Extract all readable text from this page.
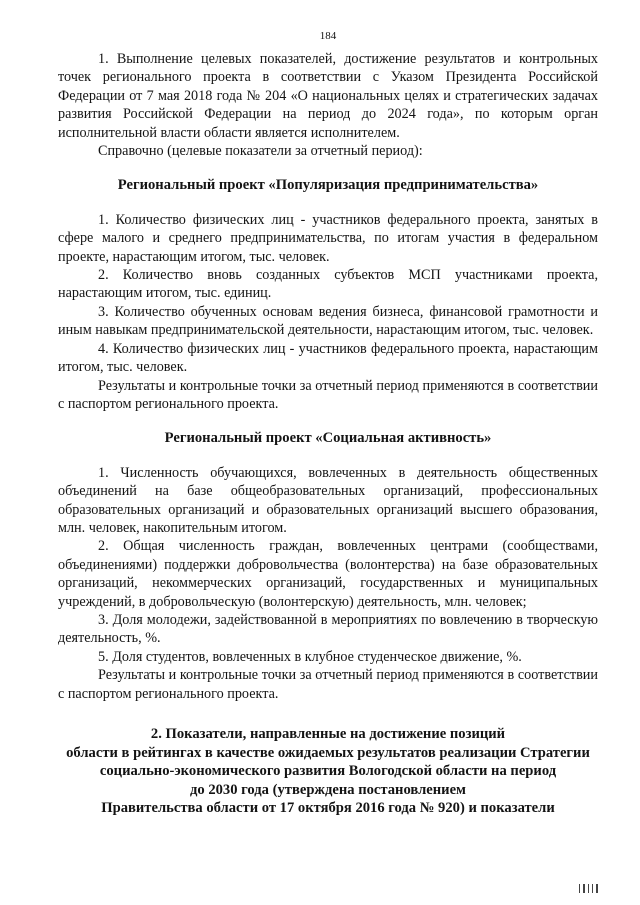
184

1. Выполнение целевых показателей, достижение результатов и контрольных точек регионального проекта в соответствии с Указом Президента Российской Федерации от 7 мая 2018 года № 204 «О национальных целях и стратегических задачах развития Российской Федерации на период до 2024 года», по которым орган исполнительной власти области является исполнителем.

Справочно (целевые показатели за отчетный период):

Региональный проект «Популяризация предпринимательства»

1. Количество физических лиц - участников федерального проекта, занятых в сфере малого и среднего предпринимательства, по итогам участия в федеральном проекте, нарастающим итогом, тыс. человек.

2. Количество вновь созданных субъектов МСП участниками проекта, нарастающим итогом, тыс. единиц.

3. Количество обученных основам ведения бизнеса, финансовой грамотности и иным навыкам предпринимательской деятельности, нарастающим итогом, тыс. человек.

4. Количество физических лиц - участников федерального проекта, нарастающим итогом, тыс. человек.

Результаты и контрольные точки за отчетный период применяются в соответствии с паспортом регионального проекта.

Региональный проект «Социальная активность»

1. Численность обучающихся, вовлеченных в деятельность общественных объединений на базе общеобразовательных организаций, профессиональных образовательных организаций и образовательных организаций высшего образования, млн. человек, накопительным итогом.

2. Общая численность граждан, вовлеченных центрами (сообществами, объединениями) поддержки добровольчества (волонтерства) на базе образовательных организаций, некоммерческих организаций, государственных и муниципальных учреждений, в добровольческую (волонтерскую) деятельность, млн. человек;

3. Доля молодежи, задействованной в мероприятиях по вовлечению в творческую деятельность, %.

5. Доля студентов, вовлеченных в клубное студенческое движение, %.

Результаты и контрольные точки за отчетный период применяются в соответствии с паспортом регионального проекта.

2. Показатели, направленные на достижение позиций
области в рейтингах в качестве ожидаемых результатов реализации Стратегии социально-экономического развития Вологодской области на период
до 2030 года (утверждена постановлением
Правительства области от 17 октября 2016 года № 920) и показатели
